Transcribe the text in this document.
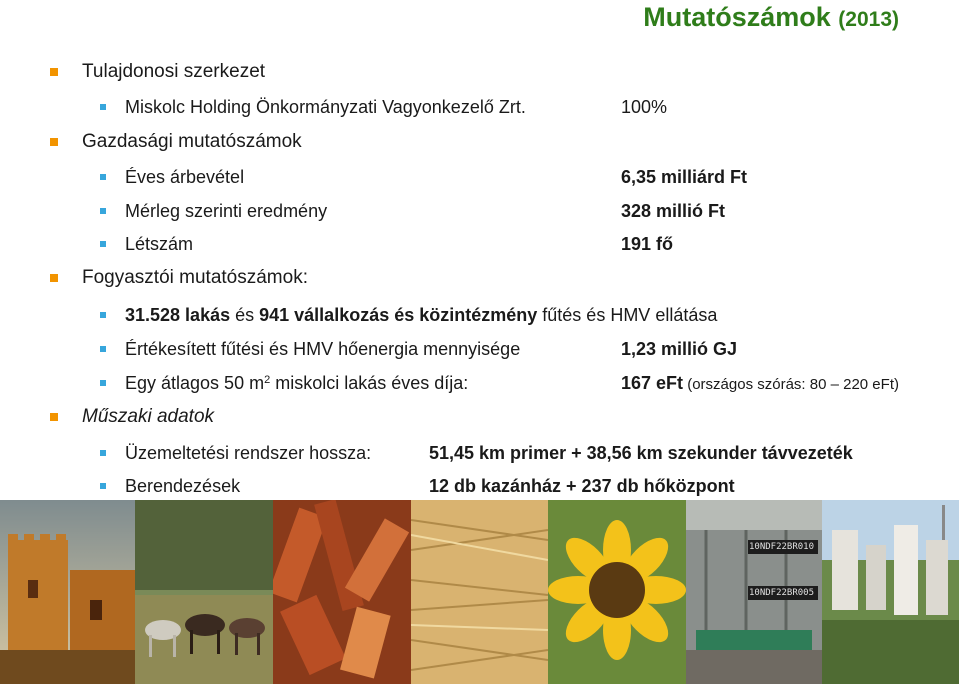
Mutatószámok (2013)
Tulajdonosi szerkezet
Miskolc Holding Önkormányzati Vagyonkezelő Zrt.	100%
Gazdasági mutatószámok
Éves árbevétel	6,35 milliárd Ft
Mérleg szerinti eredmény	328 millió Ft
Létszám	191 fő
Fogyasztói mutatószámok:
31.528 lakás és 941 vállalkozás és közintézmény fűtés és HMV ellátása
Értékesített fűtési és HMV hőenergia mennyisége	1,23 millió GJ
Egy átlagos 50 $m^2$ miskolci lakás éves díja:	167 eFt (országos szórás: 80 – 220 eFt)
Műszaki adatok
Üzemeltetési rendszer hossza:	51,45 km primer + 38,56 km szekunder távvezeték
Berendezések	12 db kazánház + 237 db hőközpont
10NDF22BR010
10NDF22BR005
